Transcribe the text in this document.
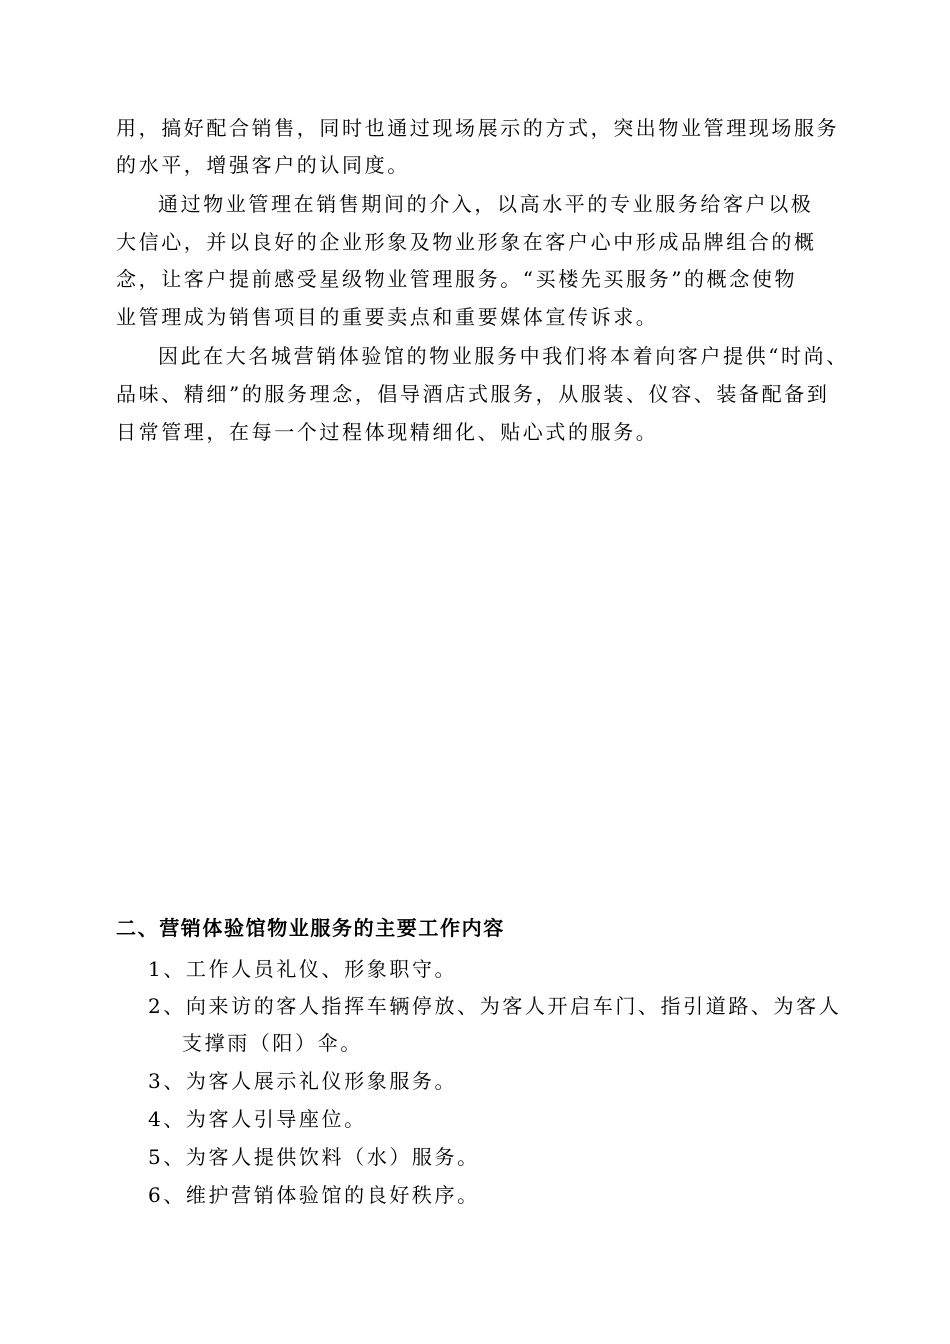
用，搞好配合销售，同时也通过现场展示的方式，突出物业管理现场服务
的水平，增强客户的认同度。
通过物业管理在销售期间的介入，以高水平的专业服务给客户以极
大信心，并以良好的企业形象及物业形象在客户心中形成品牌组合的概
念，让客户提前感受星级物业管理服务。“买楼先买服务”的概念使物
业管理成为销售项目的重要卖点和重要媒体宣传诉求。
因此在大名城营销体验馆的物业服务中我们将本着向客户提供“时尚、
品味、精细”的服务理念，倡导酒店式服务，从服装、仪容、装备配备到
日常管理，在每一个过程体现精细化、贴心式的服务。
二、营销体验馆物业服务的主要工作内容
1、工作人员礼仪、形象职守。
2、向来访的客人指挥车辆停放、为客人开启车门、指引道路、为客人
支撑雨（阳）伞。
3、为客人展示礼仪形象服务。
4、为客人引导座位。
5、为客人提供饮料（水）服务。
6、维护营销体验馆的良好秩序。
